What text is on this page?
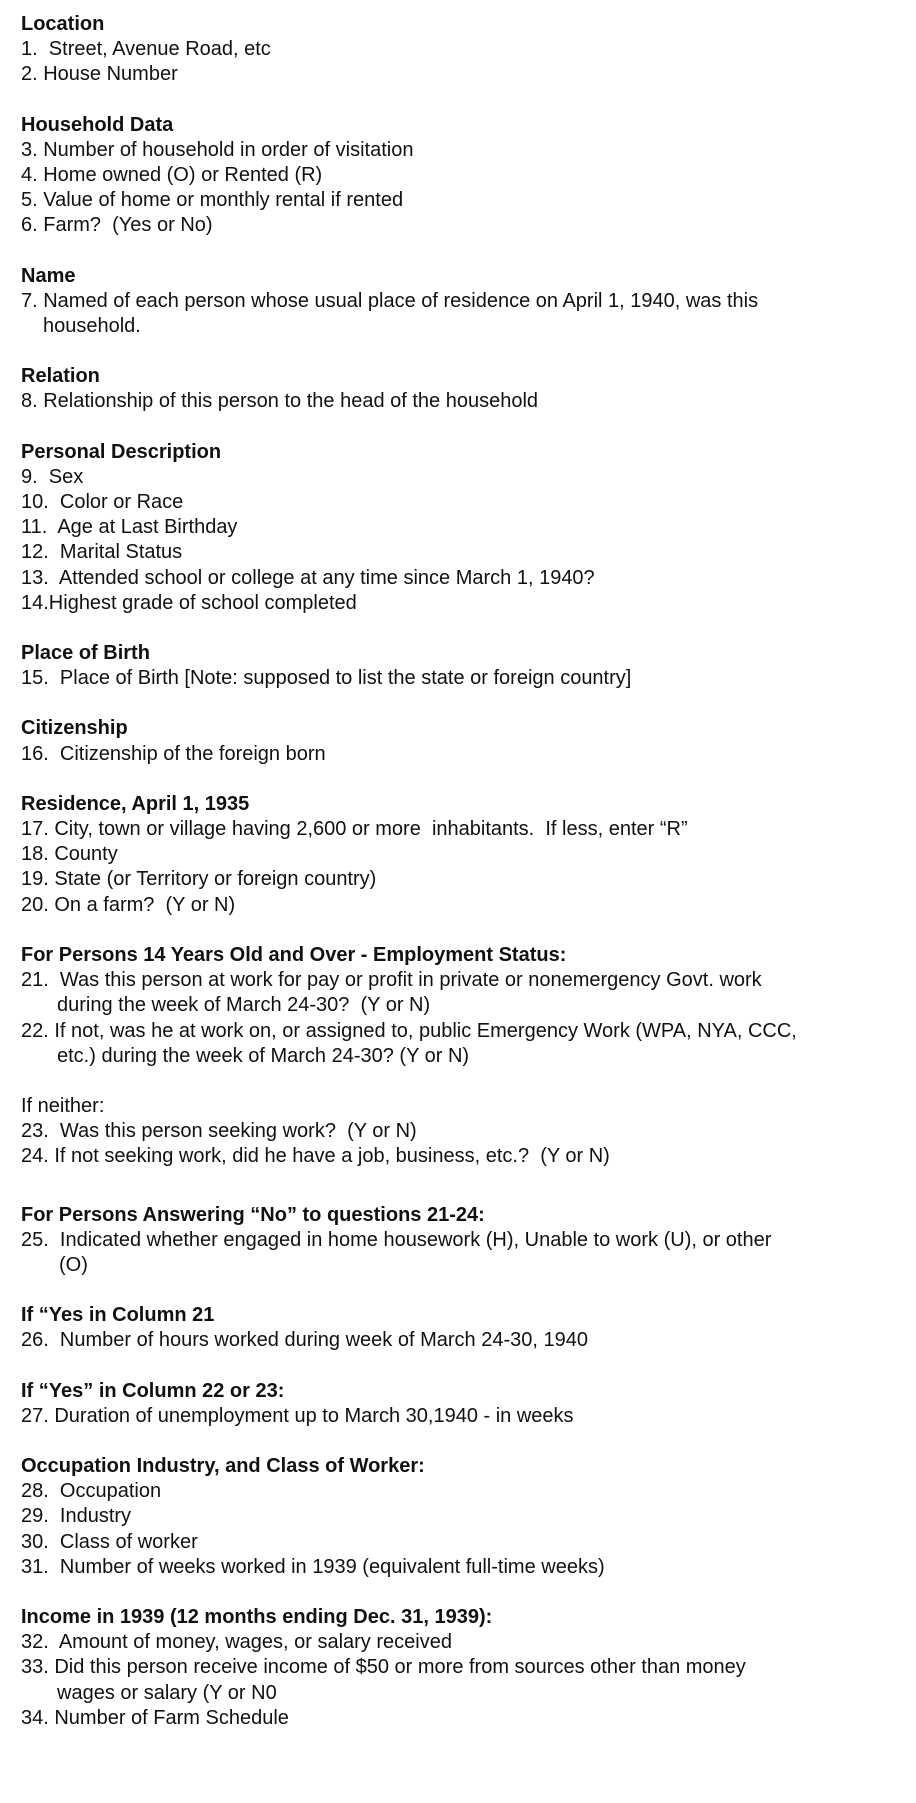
Location
1.  Street, Avenue Road, etc
2. House Number
Household Data
3. Number of household in order of visitation
4. Home owned (O) or Rented (R)
5. Value of home or monthly rental if rented
6. Farm?  (Yes or No)
Name
7. Named of each person whose usual place of residence on April 1, 1940, was this
household.
Relation
8. Relationship of this person to the head of the household
Personal Description
9.  Sex
10.  Color or Race
11.  Age at Last Birthday
12.  Marital Status
13.  Attended school or college at any time since March 1, 1940?
14.Highest grade of school completed
Place of Birth
15.  Place of Birth [Note: supposed to list the state or foreign country]
Citizenship
16.  Citizenship of the foreign born
Residence, April 1, 1935
17. City, town or village having 2,600 or more  inhabitants.  If less, enter “R”
18. County
19. State (or Territory or foreign country)
20. On a farm?  (Y or N)
For Persons 14 Years Old and Over - Employment Status:
21.  Was this person at work for pay or profit in private or nonemergency Govt. work
during the week of March 24-30?  (Y or N)
22. If not, was he at work on, or assigned to, public Emergency Work (WPA, NYA, CCC,
etc.) during the week of March 24-30? (Y or N)
If neither:
23.  Was this person seeking work?  (Y or N)
24. If not seeking work, did he have a job, business, etc.?  (Y or N)
For Persons Answering “No” to questions 21-24:
25.  Indicated whether engaged in home housework (H), Unable to work (U), or other
(O)
If “Yes in Column 21
26.  Number of hours worked during week of March 24-30, 1940
If “Yes” in Column 22 or 23:
27. Duration of unemployment up to March 30,1940 - in weeks
Occupation Industry, and Class of Worker:
28.  Occupation
29.  Industry
30.  Class of worker
31.  Number of weeks worked in 1939 (equivalent full-time weeks)
Income in 1939 (12 months ending Dec. 31, 1939):
32.  Amount of money, wages, or salary received
33. Did this person receive income of $50 or more from sources other than money
wages or salary (Y or N0
34. Number of Farm Schedule
